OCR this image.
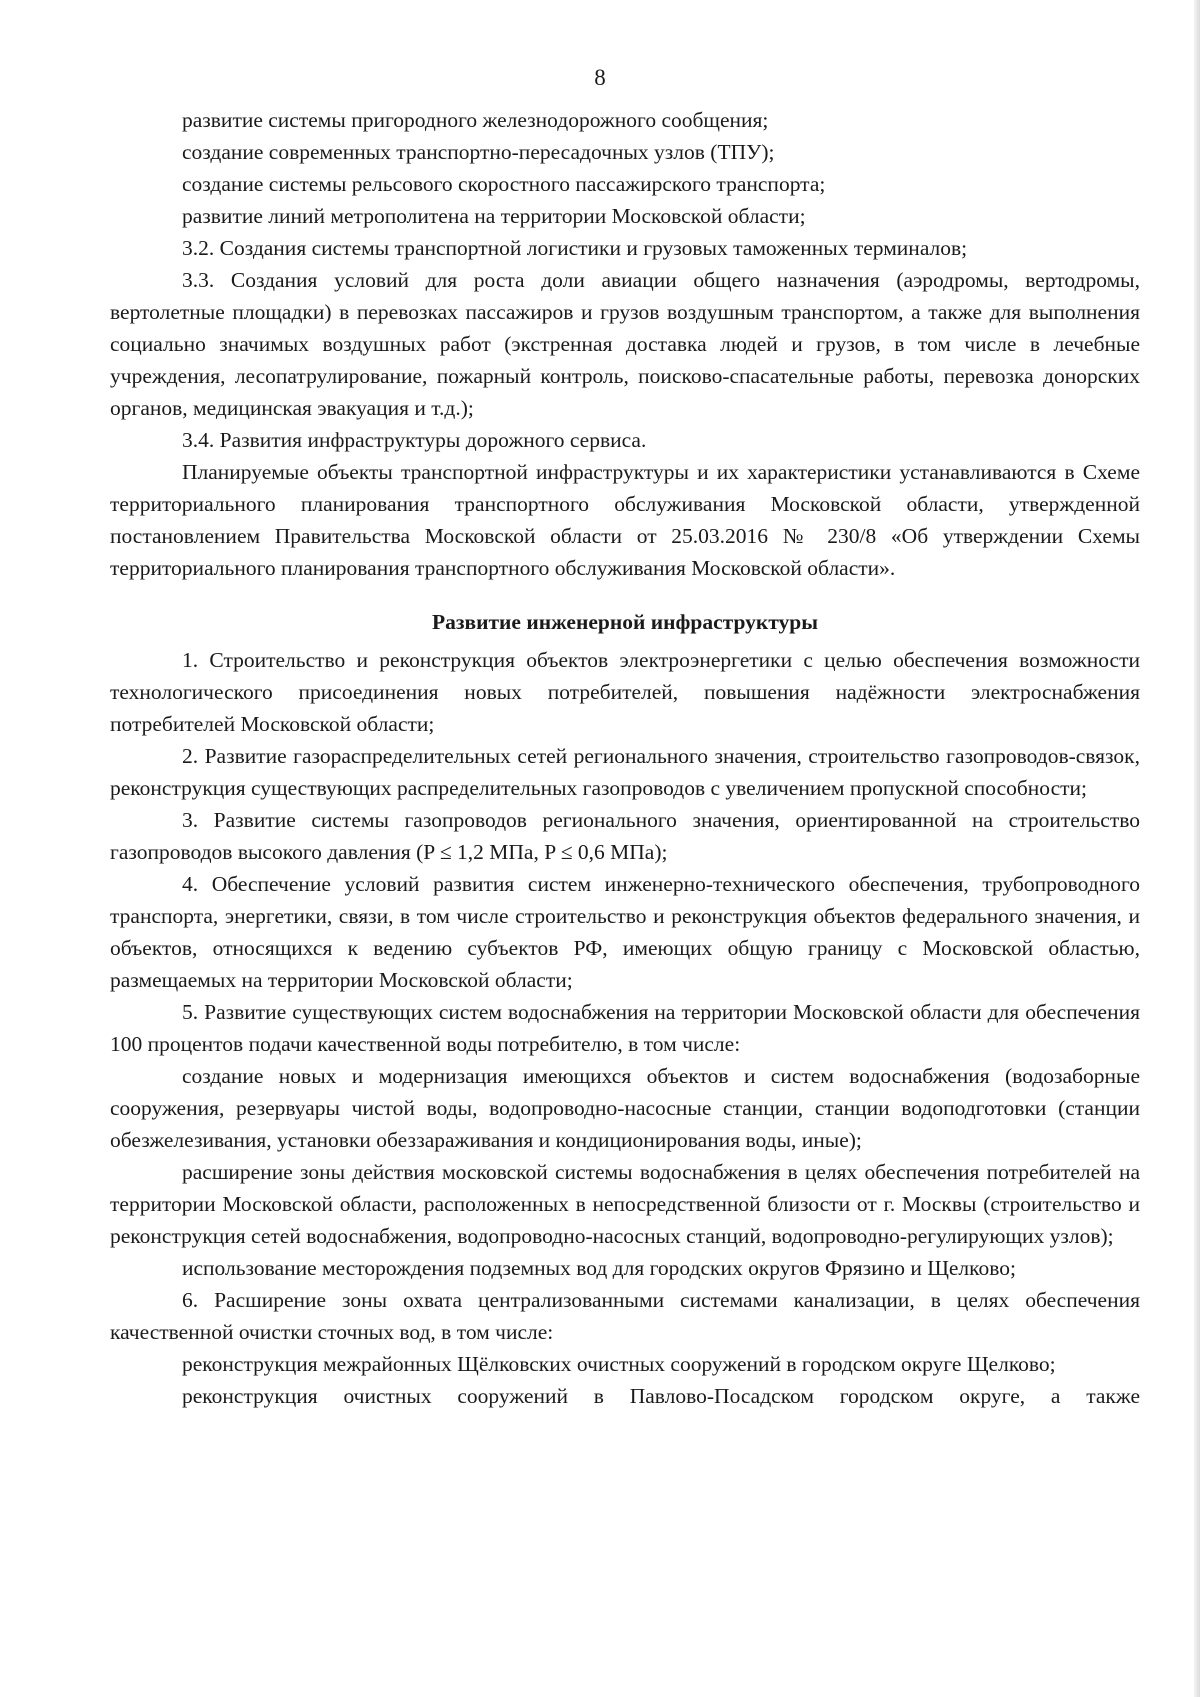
8

развитие системы пригородного железнодорожного сообщения;

создание современных транспортно-пересадочных узлов (ТПУ);

создание системы рельсового скоростного пассажирского транспорта;

развитие линий метрополитена на территории Московской области;

3.2. Создания системы транспортной логистики и грузовых таможенных терминалов;

3.3. Создания условий для роста доли авиации общего назначения (аэродромы, вертодромы, вертолетные площадки) в перевозках пассажиров и грузов воздушным транспортом, а также для выполнения социально значимых воздушных работ (экстренная доставка людей и грузов, в том числе в лечебные учреждения, лесопатрулирование, пожарный контроль, поисково-спасательные работы, перевозка донорских органов, медицинская эвакуация и т.д.);

3.4. Развития инфраструктуры дорожного сервиса.

Планируемые объекты транспортной инфраструктуры и их характеристики устанавливаются в Схеме территориального планирования транспортного обслуживания Московской области, утвержденной постановлением Правительства Московской области от 25.03.2016 № 230/8 «Об утверждении Схемы территориального планирования транспортного обслуживания Московской области».

Развитие инженерной инфраструктуры

1. Строительство и реконструкция объектов электроэнергетики с целью обеспечения возможности технологического присоединения новых потребителей, повышения надёжности электроснабжения потребителей Московской области;

2. Развитие газораспределительных сетей регионального значения, строительство газопроводов-связок, реконструкция существующих распределительных газопроводов с увеличением пропускной способности;

3. Развитие системы газопроводов регионального значения, ориентированной на строительство газопроводов высокого давления (P ≤ 1,2 МПа, P ≤ 0,6 МПа);

4. Обеспечение условий развития систем инженерно-технического обеспечения, трубопроводного транспорта, энергетики, связи, в том числе строительство и реконструкция объектов федерального значения, и объектов, относящихся к ведению субъектов РФ, имеющих общую границу с Московской областью, размещаемых на территории Московской области;

5. Развитие существующих систем водоснабжения на территории Московской области для обеспечения 100 процентов подачи качественной воды потребителю, в том числе:

создание новых и модернизация имеющихся объектов и систем водоснабжения (водозаборные сооружения, резервуары чистой воды, водопроводно-насосные станции, станции водоподготовки (станции обезжелезивания, установки обеззараживания и кондиционирования воды, иные);

расширение зоны действия московской системы водоснабжения в целях обеспечения потребителей на территории Московской области, расположенных в непосредственной близости от г. Москвы (строительство и реконструкция сетей водоснабжения, водопроводно-насосных станций, водопроводно-регулирующих узлов);

использование месторождения подземных вод для городских округов Фрязино и Щелково;

6. Расширение зоны охвата централизованными системами канализации, в целях обеспечения качественной очистки сточных вод, в том числе:

реконструкция межрайонных Щёлковских очистных сооружений в городском округе Щелково;

реконструкция очистных сооружений в Павлово-Посадском городском округе, а также
